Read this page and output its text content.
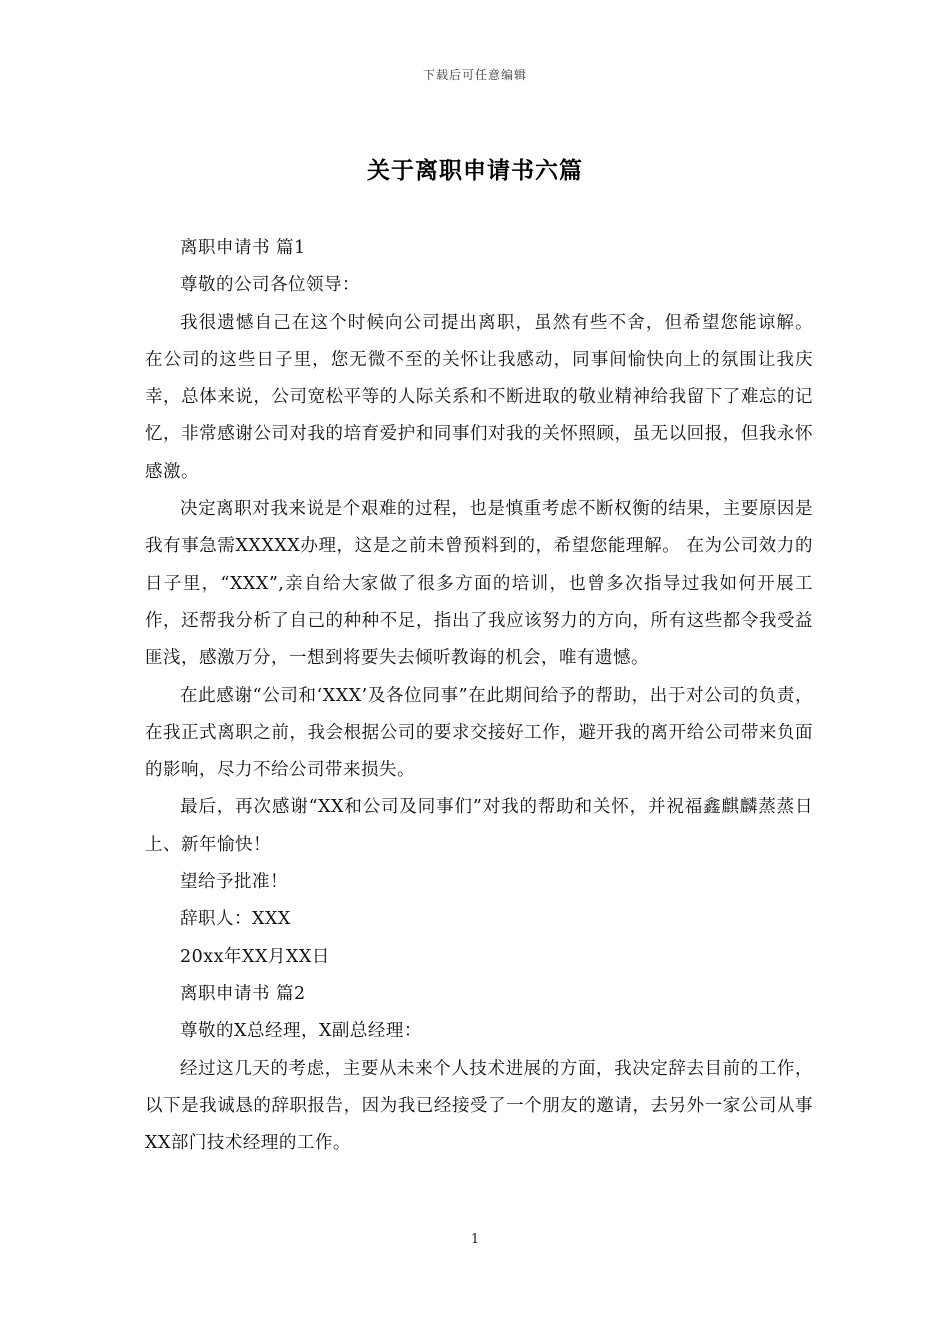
下载后可任意编辑
关于离职申请书六篇

离职申请书 篇1

尊敬的公司各位领导：

我很遗憾自己在这个时候向公司提出离职，虽然有些不舍，但希望您能谅解。 在公司的这些日子里，您无微不至的关怀让我感动，同事间愉快向上的氛围让我庆幸，总体来说，公司宽松平等的人际关系和不断进取的敬业精神给我留下了难忘的记忆，非常感谢公司对我的培育爱护和同事们对我的关怀照顾，虽无以回报，但我永怀感激。

决定离职对我来说是个艰难的过程，也是慎重考虑不断权衡的结果，主要原因是我有事急需XXXXX办理，这是之前未曾预料到的，希望您能理解。 在为公司效力的日子里，“XXX”,亲自给大家做了很多方面的培训，也曾多次指导过我如何开展工作，还帮我分析了自己的种种不足，指出了我应该努力的方向，所有这些都令我受益匪浅，感激万分，一想到将要失去倾听教诲的机会，唯有遗憾。

在此感谢“公司和‘XXX’及各位同事”在此期间给予的帮助，出于对公司的负责，在我正式离职之前，我会根据公司的要求交接好工作，避开我的离开给公司带来负面的影响，尽力不给公司带来损失。

最后，再次感谢“XX和公司及同事们”对我的帮助和关怀，并祝福鑫麒麟蒸蒸日上、新年愉快！

望给予批准！

辞职人：XXX

20xx年XX月XX日

离职申请书 篇2

尊敬的X总经理，X副总经理：

经过这几天的考虑，主要从未来个人技术进展的方面，我决定辞去目前的工作，以下是我诚恳的辞职报告，因为我已经接受了一个朋友的邀请，去另外一家公司从事XX部门技术经理的工作。

1
